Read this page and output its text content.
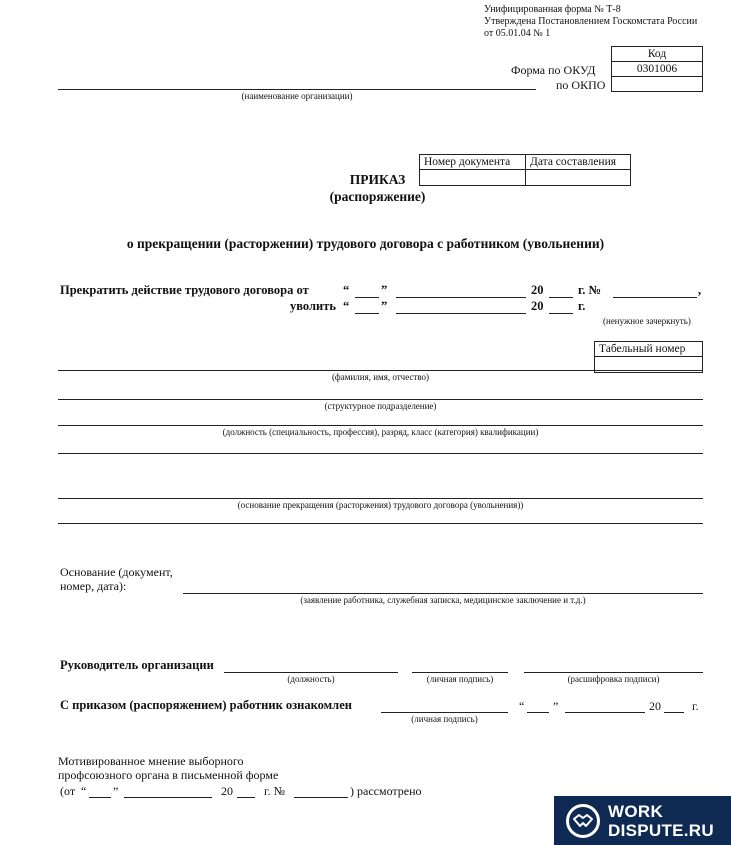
Унифицированная форма № Т-8
Утверждена Постановлением Госкомстата России
от 05.01.04 № 1
Форма по ОКУД
по ОКПО
Код
0301006

(наименование организации)
ПРИКАЗ
(распоряжение)
Номер документа	Дата составления

о прекращении (расторжении) трудового договора с работником (увольнении)
Прекратить действие трудового договора от	“	”	20	г. №	,
уволить “	”	20	г.
(ненужное зачеркнуть)
Табельный номер

(фамилия, имя, отчество)
(структурное подразделение)
(должность (специальность, профессия), разряд, класс (категория) квалификации)
(основание прекращения (расторжения) трудового договора (увольнения))
Основание (документ,
номер, дата):
(заявление работника, служебная записка, медицинское заключение и т.д.)
Руководитель организации
(должность)	(личная подпись)	(расшифровка подписи)
С приказом (распоряжением) работник ознакомлен
(личная подпись)
“ ”	20	г.
Мотивированное мнение выборного
профсоюзного органа в письменной форме
(от “ ”	20	г. №	) рассмотрено
WORK
DISPUTE.RU
